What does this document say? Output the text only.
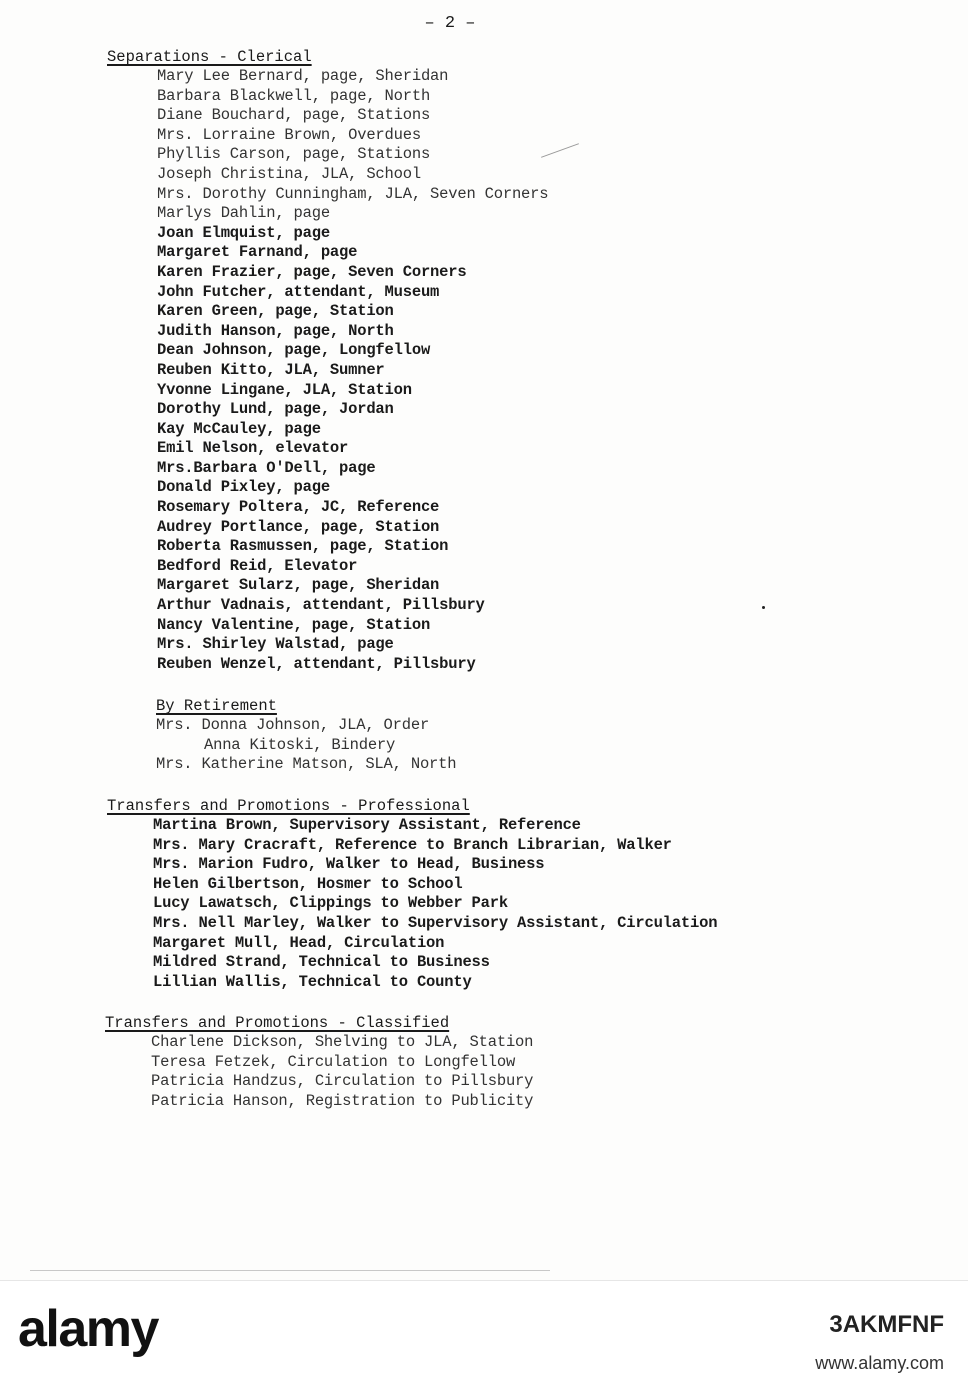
– 2 –
Separations - Clerical
Mary Lee Bernard, page, Sheridan
Barbara Blackwell, page, North
Diane Bouchard, page, Stations
Mrs. Lorraine Brown, Overdues
Phyllis Carson, page, Stations
Joseph Christina, JLA, School
Mrs. Dorothy Cunningham, JLA, Seven Corners
Marlys Dahlin, page
Joan Elmquist, page
Margaret Farnand, page
Karen Frazier, page, Seven Corners
John Futcher, attendant, Museum
Karen Green, page, Station
Judith Hanson, page, North
Dean Johnson, page, Longfellow
Reuben Kitto, JLA, Sumner
Yvonne Lingane, JLA, Station
Dorothy Lund, page, Jordan
Kay McCauley, page
Emil Nelson, elevator
Mrs.Barbara O'Dell, page
Donald Pixley, page
Rosemary Poltera, JC, Reference
Audrey Portlance, page, Station
Roberta Rasmussen, page, Station
Bedford Reid, Elevator
Margaret Sularz, page, Sheridan
Arthur Vadnais, attendant, Pillsbury
Nancy Valentine, page, Station
Mrs. Shirley Walstad, page
Reuben Wenzel, attendant, Pillsbury
By Retirement
Mrs. Donna Johnson, JLA, Order
Anna Kitoski, Bindery
Mrs. Katherine Matson, SLA, North
Transfers and Promotions - Professional
Martina Brown, Supervisory Assistant, Reference
Mrs. Mary Cracraft, Reference to Branch Librarian, Walker
Mrs. Marion Fudro, Walker to Head, Business
Helen Gilbertson, Hosmer to School
Lucy Lawatsch, Clippings to Webber Park
Mrs. Nell Marley, Walker to Supervisory Assistant, Circulation
Margaret Mull, Head, Circulation
Mildred Strand, Technical to Business
Lillian Wallis, Technical to County
Transfers and Promotions - Classified
Charlene Dickson, Shelving to JLA, Station
Teresa Fetzek, Circulation to Longfellow
Patricia Handzus, Circulation to Pillsbury
Patricia Hanson, Registration to Publicity
alamy	3AKMFNF
www.alamy.com
